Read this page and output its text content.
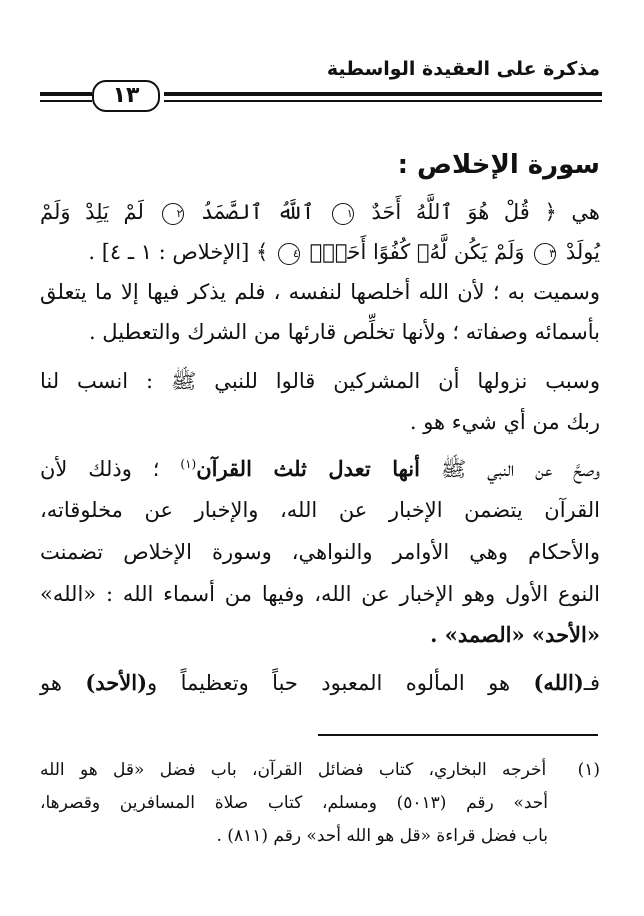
مذكرة على العقيدة الواسطية
١٣
سورة الإخلاص :
هي ﴿ قُلْ هُوَ ٱللَّهُ أَحَدٌ ١ ٱللَّهُ ٱلصَّمَدُ ٢ لَمْ يَلِدْ وَلَمْ
يُولَدْ ٣ وَلَمْ يَكُن لَّهُۥ كُفُوًا أَحَدٌۢ ٤ ﴾ [الإخلاص : ١ ـ ٤] .
وسميت به ؛ لأن الله أخلصها لنفسه ، فلم يذكر فيها إلا ما يتعلق
بأسمائه وصفاته ؛ ولأنها تخلِّص قارئها من الشرك والتعطيل .
وسبب نزولها أن المشركين قالوا للنبي ﷺ : انسب لنا
ربك من أي شيء هو .
وصحَّ عن النبي ﷺ أنها تعدل ثلث القرآن$^{(١)}$ ؛ وذلك لأن
القرآن يتضمن الإخبار عن الله، والإخبار عن مخلوقاته،
والأحكام وهي الأوامر والنواهي، وسورة الإخلاص تضمنت
النوع الأول وهو الإخبار عن الله، وفيها من أسماء الله : «الله»
«الأحد» «الصمد» .
فـ(الله) هو المألوه المعبود حباً وتعظيماً و(الأحد) هو
(١) أخرجه البخاري، كتاب فضائل القرآن، باب فضل «قل هو الله
أحد» رقم (٥٠١٣) ومسلم، كتاب صلاة المسافرين وقصرها،
باب فضل قراءة «قل هو الله أحد» رقم (٨١١) .
